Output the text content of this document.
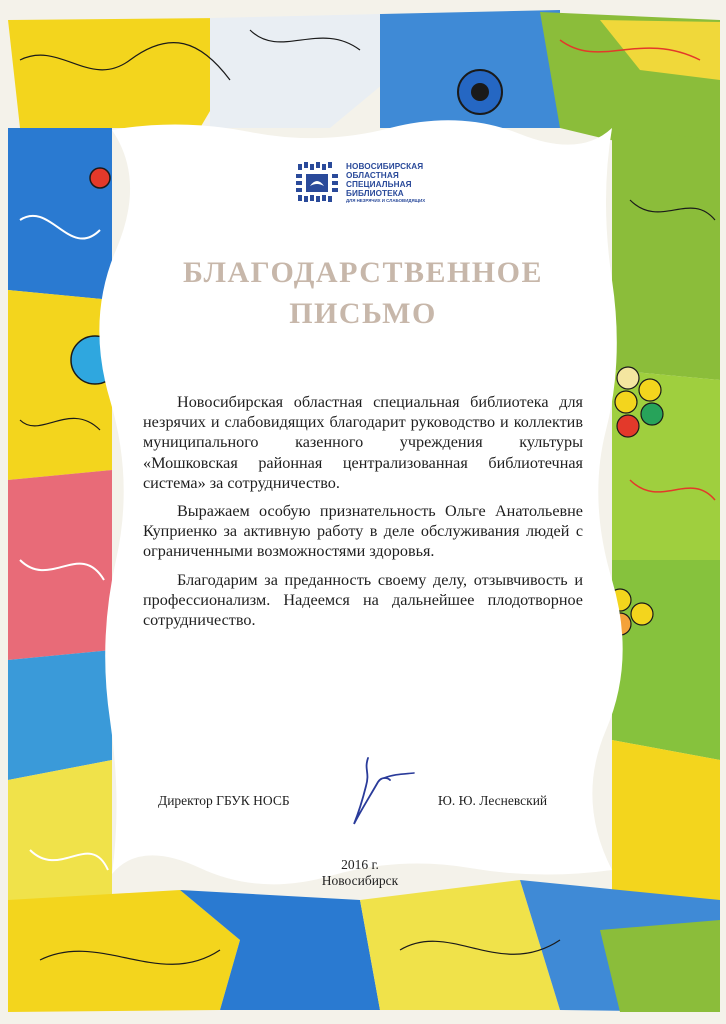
НОВОСИБИРСКАЯ
ОБЛАСТНАЯ
СПЕЦИАЛЬНАЯ
БИБЛИОТЕКА
ДЛЯ НЕЗРЯЧИХ И СЛАБОВИДЯЩИХ
БЛАГОДАРСТВЕННОЕ
ПИСЬМО

Новосибирская областная специальная библиотека для незрячих и слабовидящих благодарит руководство и коллектив муниципального казенного учреждения культуры «Мошковская районная централизованная библиотечная система» за сотрудничество.

Выражаем особую признательность Ольге Анатольевне Куприенко за активную работу в деле обслуживания людей с ограниченными возможностями здоровья.

Благодарим за преданность своему делу, отзывчивость и профессионализм. Надеемся на дальнейшее плодотворное сотрудничество.

Директор ГБУК НОСБ	Ю. Ю. Лесневский
2016 г.
Новосибирск
